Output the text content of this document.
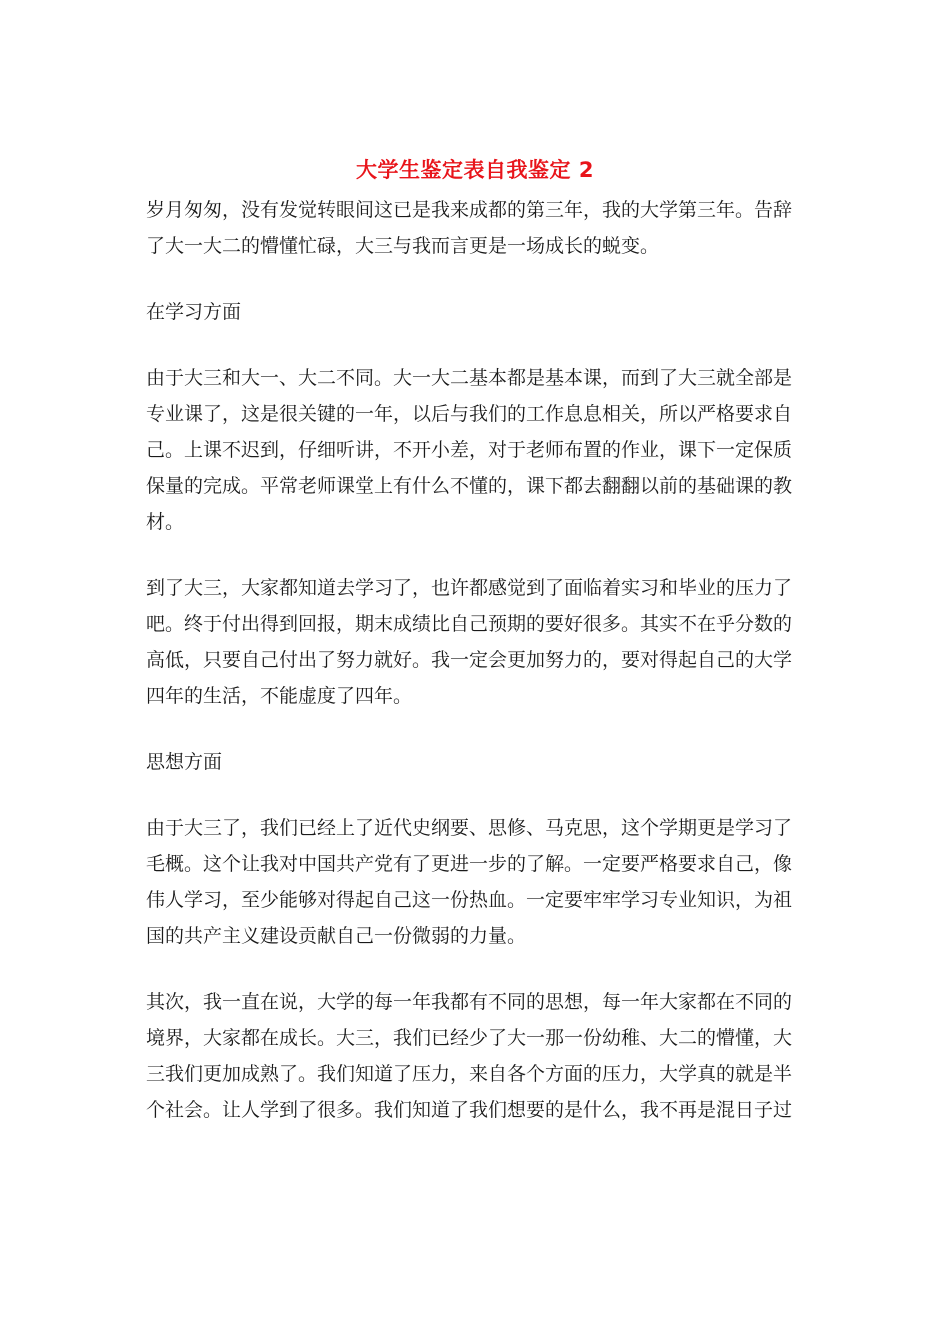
大学生鉴定表自我鉴定 2
岁月匆匆，没有发觉转眼间这已是我来成都的第三年，我的大学第三年。告辞
了大一大二的懵懂忙碌，大三与我而言更是一场成长的蜕变。
在学习方面
由于大三和大一、大二不同。大一大二基本都是基本课，而到了大三就全部是
专业课了，这是很关键的一年，以后与我们的工作息息相关，所以严格要求自
己。上课不迟到，仔细听讲，不开小差，对于老师布置的作业，课下一定保质
保量的完成。平常老师课堂上有什么不懂的，课下都去翻翻以前的基础课的教
材。
到了大三，大家都知道去学习了，也许都感觉到了面临着实习和毕业的压力了
吧。终于付出得到回报，期末成绩比自己预期的要好很多。其实不在乎分数的
高低，只要自己付出了努力就好。我一定会更加努力的，要对得起自己的大学
四年的生活，不能虚度了四年。
思想方面
由于大三了，我们已经上了近代史纲要、思修、马克思，这个学期更是学习了
毛概。这个让我对中国共产党有了更进一步的了解。一定要严格要求自己，像
伟人学习，至少能够对得起自己这一份热血。一定要牢牢学习专业知识，为祖
国的共产主义建设贡献自己一份微弱的力量。
其次，我一直在说，大学的每一年我都有不同的思想，每一年大家都在不同的
境界，大家都在成长。大三，我们已经少了大一那一份幼稚、大二的懵懂，大
三我们更加成熟了。我们知道了压力，来自各个方面的压力，大学真的就是半
个社会。让人学到了很多。我们知道了我们想要的是什么，我不再是混日子过
